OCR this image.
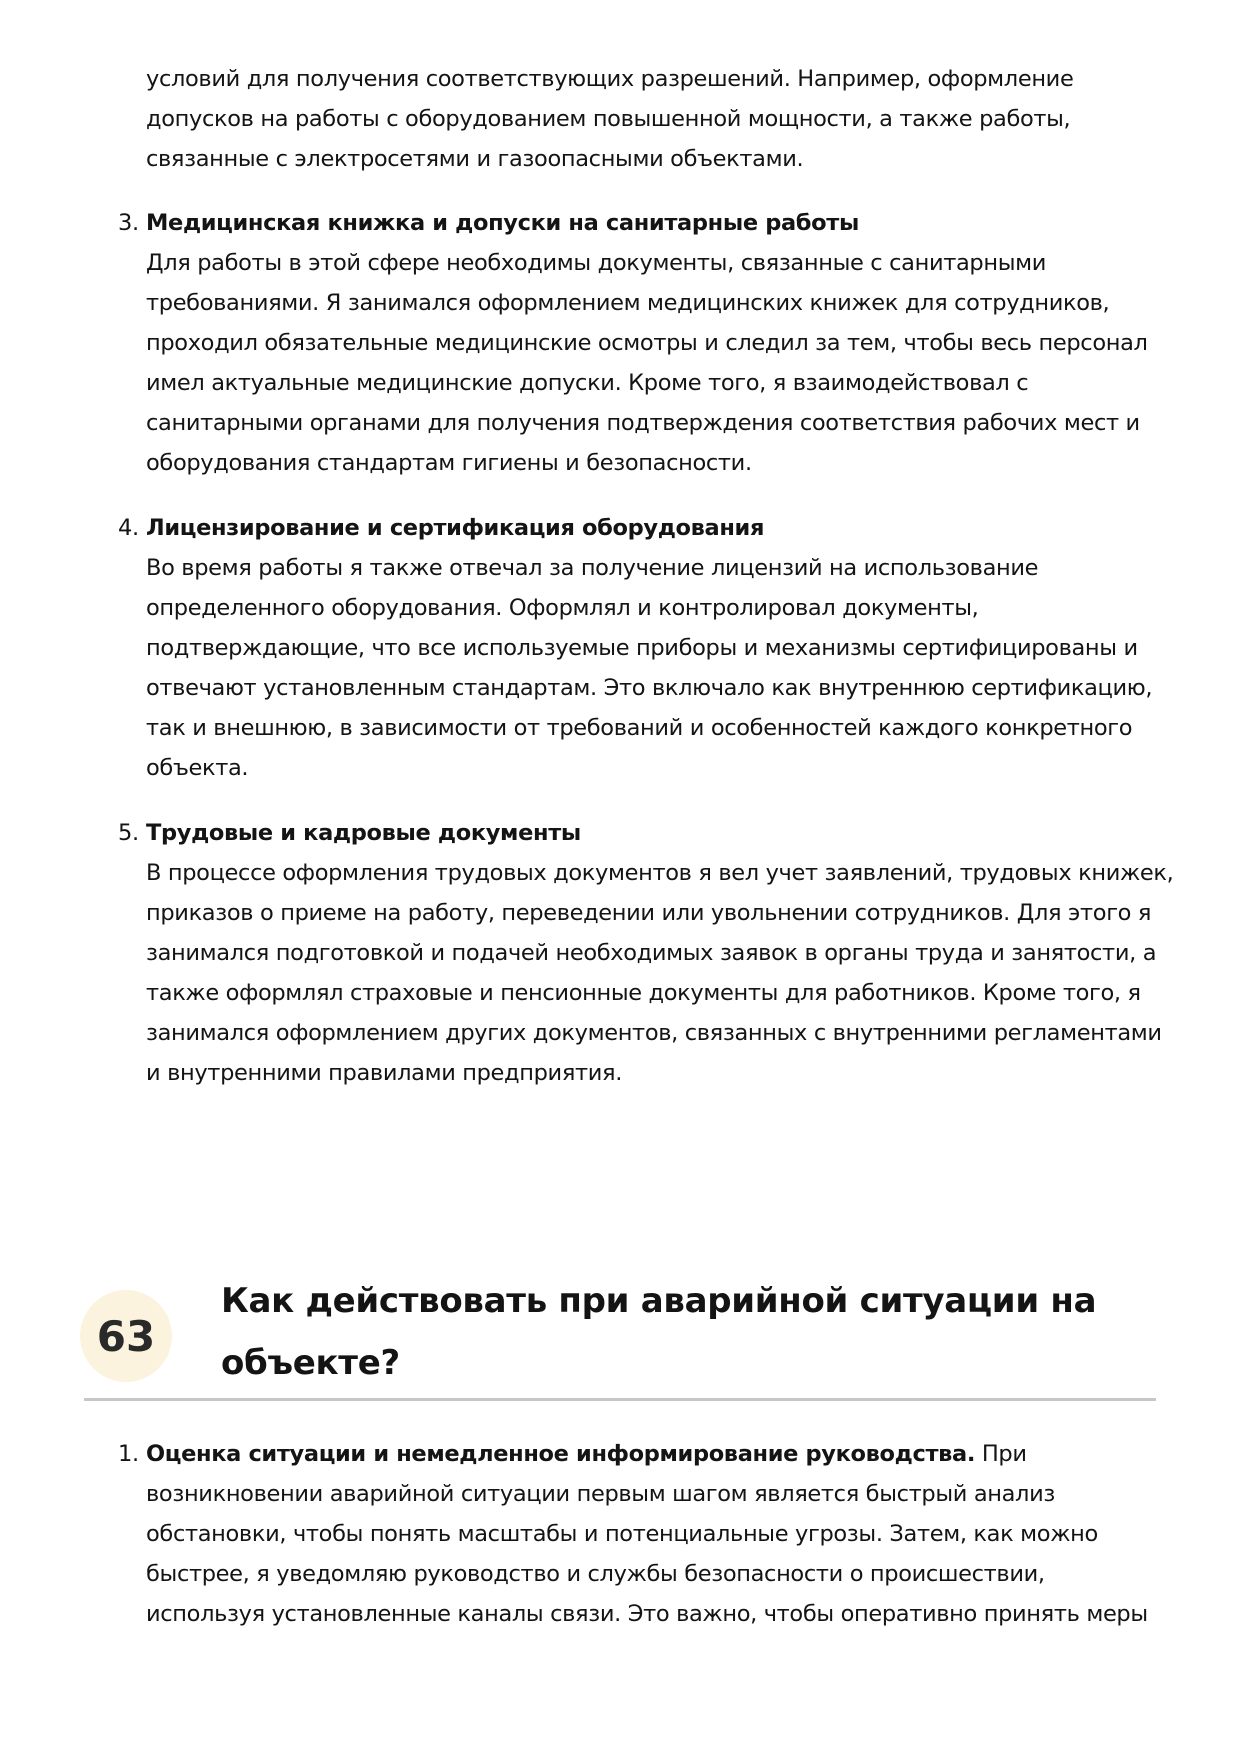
условий для получения соответствующих разрешений. Например, оформление
допусков на работы с оборудованием повышенной мощности, а также работы,
связанные с электросетями и газоопасными объектами.
3. Медицинская книжка и допуски на санитарные работы
Для работы в этой сфере необходимы документы, связанные с санитарными
требованиями. Я занимался оформлением медицинских книжек для сотрудников,
проходил обязательные медицинские осмотры и следил за тем, чтобы весь персонал
имел актуальные медицинские допуски. Кроме того, я взаимодействовал с
санитарными органами для получения подтверждения соответствия рабочих мест и
оборудования стандартам гигиены и безопасности.
4. Лицензирование и сертификация оборудования
Во время работы я также отвечал за получение лицензий на использование
определенного оборудования. Оформлял и контролировал документы,
подтверждающие, что все используемые приборы и механизмы сертифицированы и
отвечают установленным стандартам. Это включало как внутреннюю сертификацию,
так и внешнюю, в зависимости от требований и особенностей каждого конкретного
объекта.
5. Трудовые и кадровые документы
В процессе оформления трудовых документов я вел учет заявлений, трудовых книжек,
приказов о приеме на работу, переведении или увольнении сотрудников. Для этого я
занимался подготовкой и подачей необходимых заявок в органы труда и занятости, а
также оформлял страховые и пенсионные документы для работников. Кроме того, я
занимался оформлением других документов, связанных с внутренними регламентами
и внутренними правилами предприятия.
63
Как действовать при аварийной ситуации на
объекте?
1. Оценка ситуации и немедленное информирование руководства. При
возникновении аварийной ситуации первым шагом является быстрый анализ
обстановки, чтобы понять масштабы и потенциальные угрозы. Затем, как можно
быстрее, я уведомляю руководство и службы безопасности о происшествии,
используя установленные каналы связи. Это важно, чтобы оперативно принять меры
